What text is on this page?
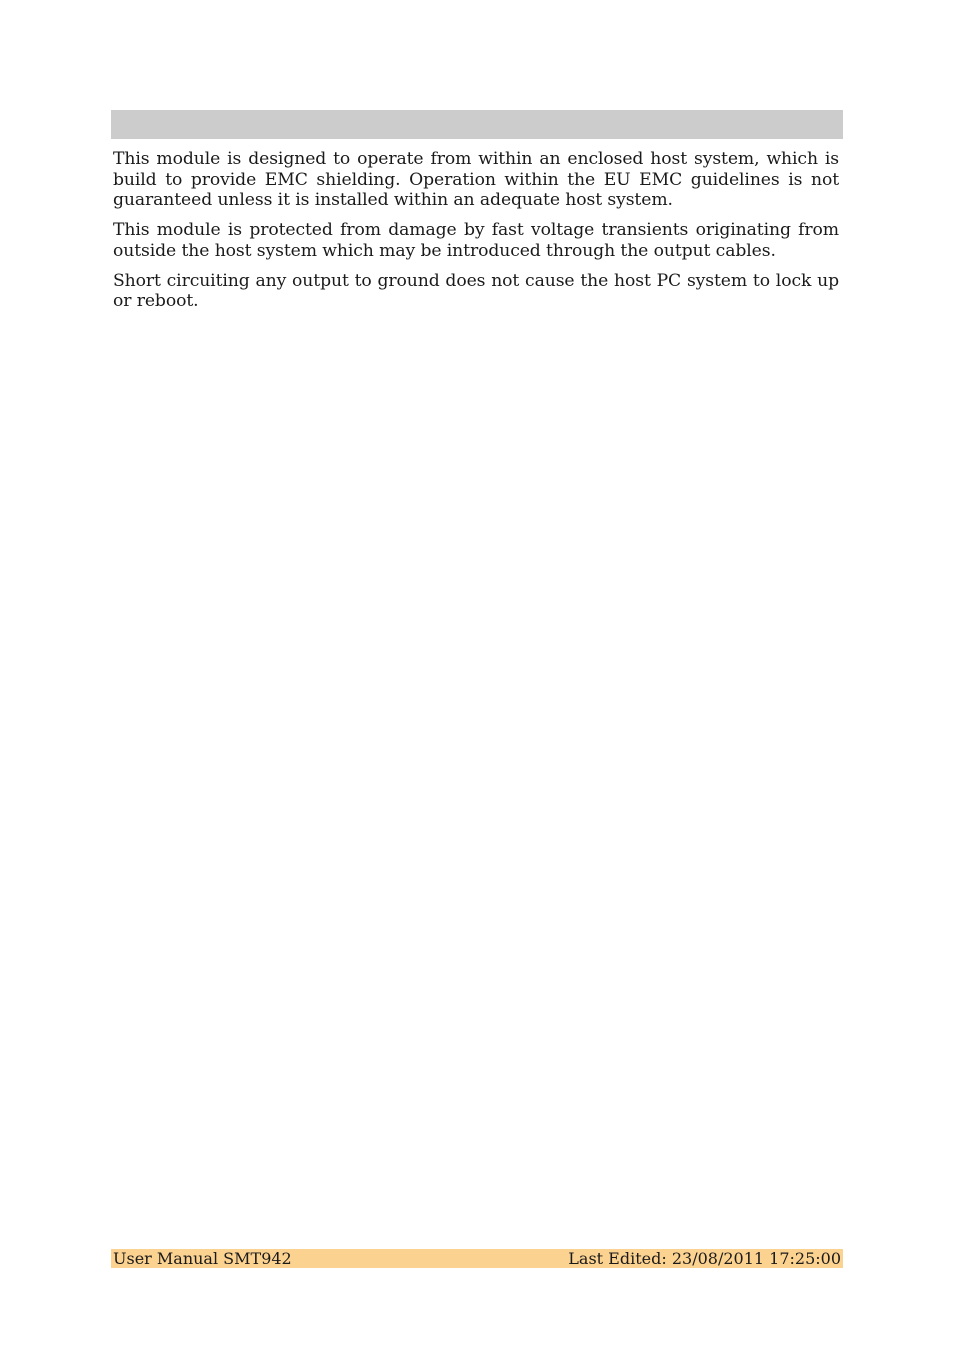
This module is designed to operate from within an enclosed host system, which is build to provide EMC shielding. Operation within the EU EMC guidelines is not guaranteed unless it is installed within an adequate host system.

This module is protected from damage by fast voltage transients originating from outside the host system which may be introduced through the output cables.

Short circuiting any output to ground does not cause the host PC system to lock up or reboot.

User Manual SMT942	Last Edited: 23/08/2011 17:25:00
